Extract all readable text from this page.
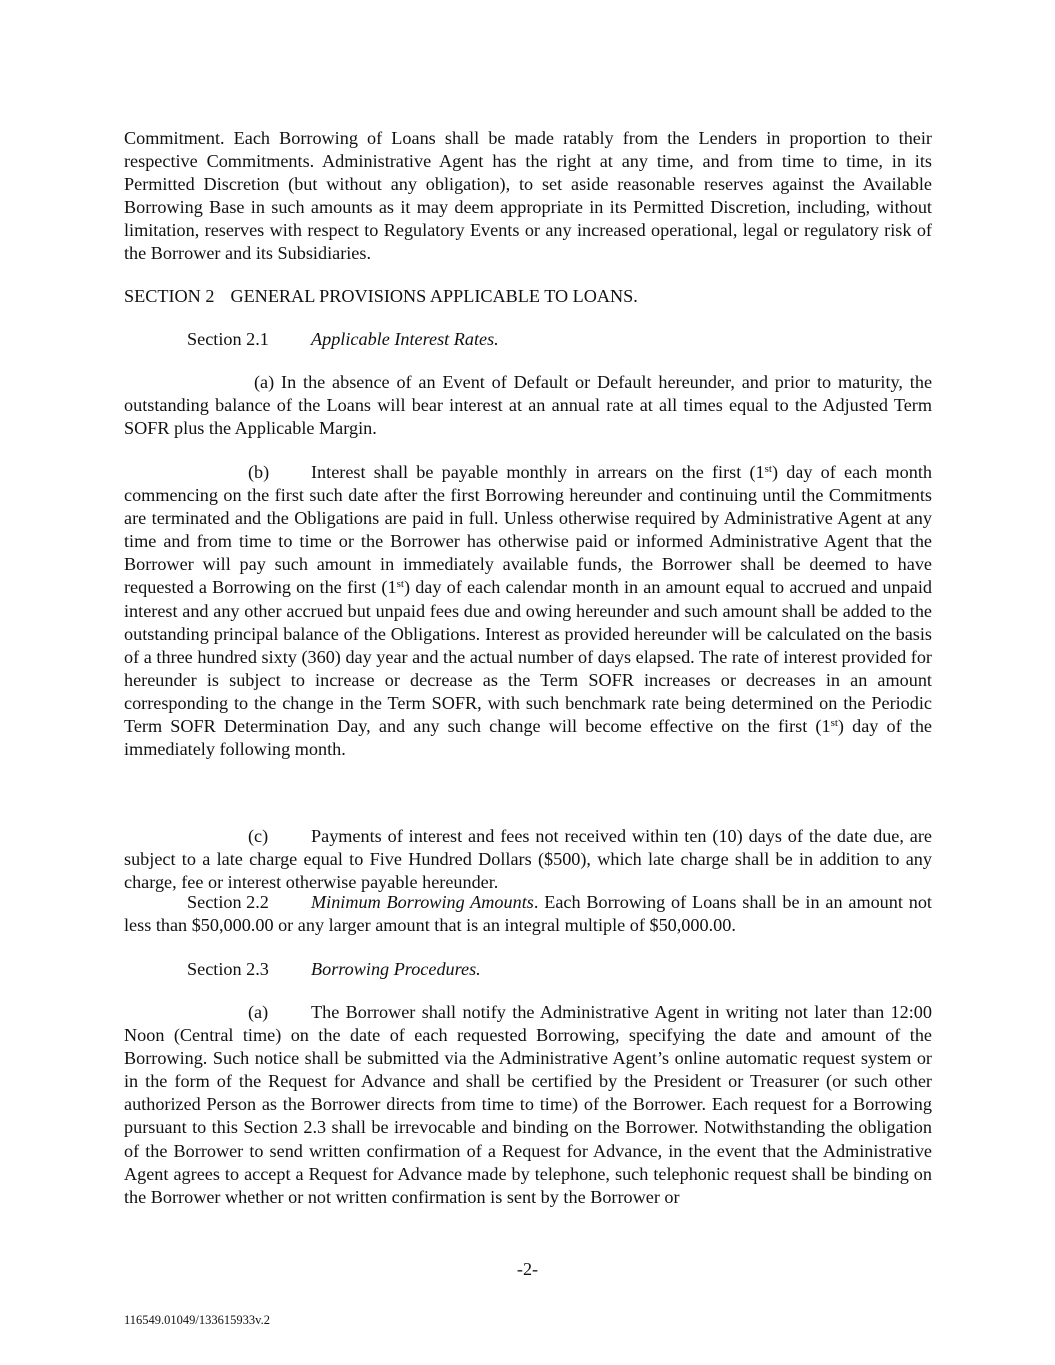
Commitment. Each Borrowing of Loans shall be made ratably from the Lenders in proportion to their respective Commitments. Administrative Agent has the right at any time, and from time to time, in its Permitted Discretion (but without any obligation), to set aside reasonable reserves against the Available Borrowing Base in such amounts as it may deem appropriate in its Permitted Discretion, including, without limitation, reserves with respect to Regulatory Events or any increased operational, legal or regulatory risk of the Borrower and its Subsidiaries.

SECTION 2 GENERAL PROVISIONS APPLICABLE TO LOANS.

Section 2.1 Applicable Interest Rates.

(a) In the absence of an Event of Default or Default hereunder, and prior to maturity, the outstanding balance of the Loans will bear interest at an annual rate at all times equal to the Adjusted Term SOFR plus the Applicable Margin.

(b) Interest shall be payable monthly in arrears on the first (1st) day of each month commencing on the first such date after the first Borrowing hereunder and continuing until the Commitments are terminated and the Obligations are paid in full. Unless otherwise required by Administrative Agent at any time and from time to time or the Borrower has otherwise paid or informed Administrative Agent that the Borrower will pay such amount in immediately available funds, the Borrower shall be deemed to have requested a Borrowing on the first (1st) day of each calendar month in an amount equal to accrued and unpaid interest and any other accrued but unpaid fees due and owing hereunder and such amount shall be added to the outstanding principal balance of the Obligations. Interest as provided hereunder will be calculated on the basis of a three hundred sixty (360) day year and the actual number of days elapsed. The rate of interest provided for hereunder is subject to increase or decrease as the Term SOFR increases or decreases in an amount corresponding to the change in the Term SOFR, with such benchmark rate being determined on the Periodic Term SOFR Determination Day, and any such change will become effective on the first (1st) day of the immediately following month.

(c) Payments of interest and fees not received within ten (10) days of the date due, are subject to a late charge equal to Five Hundred Dollars ($500), which late charge shall be in addition to any charge, fee or interest otherwise payable hereunder.

Section 2.2 Minimum Borrowing Amounts. Each Borrowing of Loans shall be in an amount not less than $50,000.00 or any larger amount that is an integral multiple of $50,000.00.

Section 2.3 Borrowing Procedures.

(a) The Borrower shall notify the Administrative Agent in writing not later than 12:00 Noon (Central time) on the date of each requested Borrowing, specifying the date and amount of the Borrowing. Such notice shall be submitted via the Administrative Agent’s online automatic request system or in the form of the Request for Advance and shall be certified by the President or Treasurer (or such other authorized Person as the Borrower directs from time to time) of the Borrower. Each request for a Borrowing pursuant to this Section 2.3 shall be irrevocable and binding on the Borrower. Notwithstanding the obligation of the Borrower to send written confirmation of a Request for Advance, in the event that the Administrative Agent agrees to accept a Request for Advance made by telephone, such telephonic request shall be binding on the Borrower whether or not written confirmation is sent by the Borrower or

-2-
116549.01049/133615933v.2
